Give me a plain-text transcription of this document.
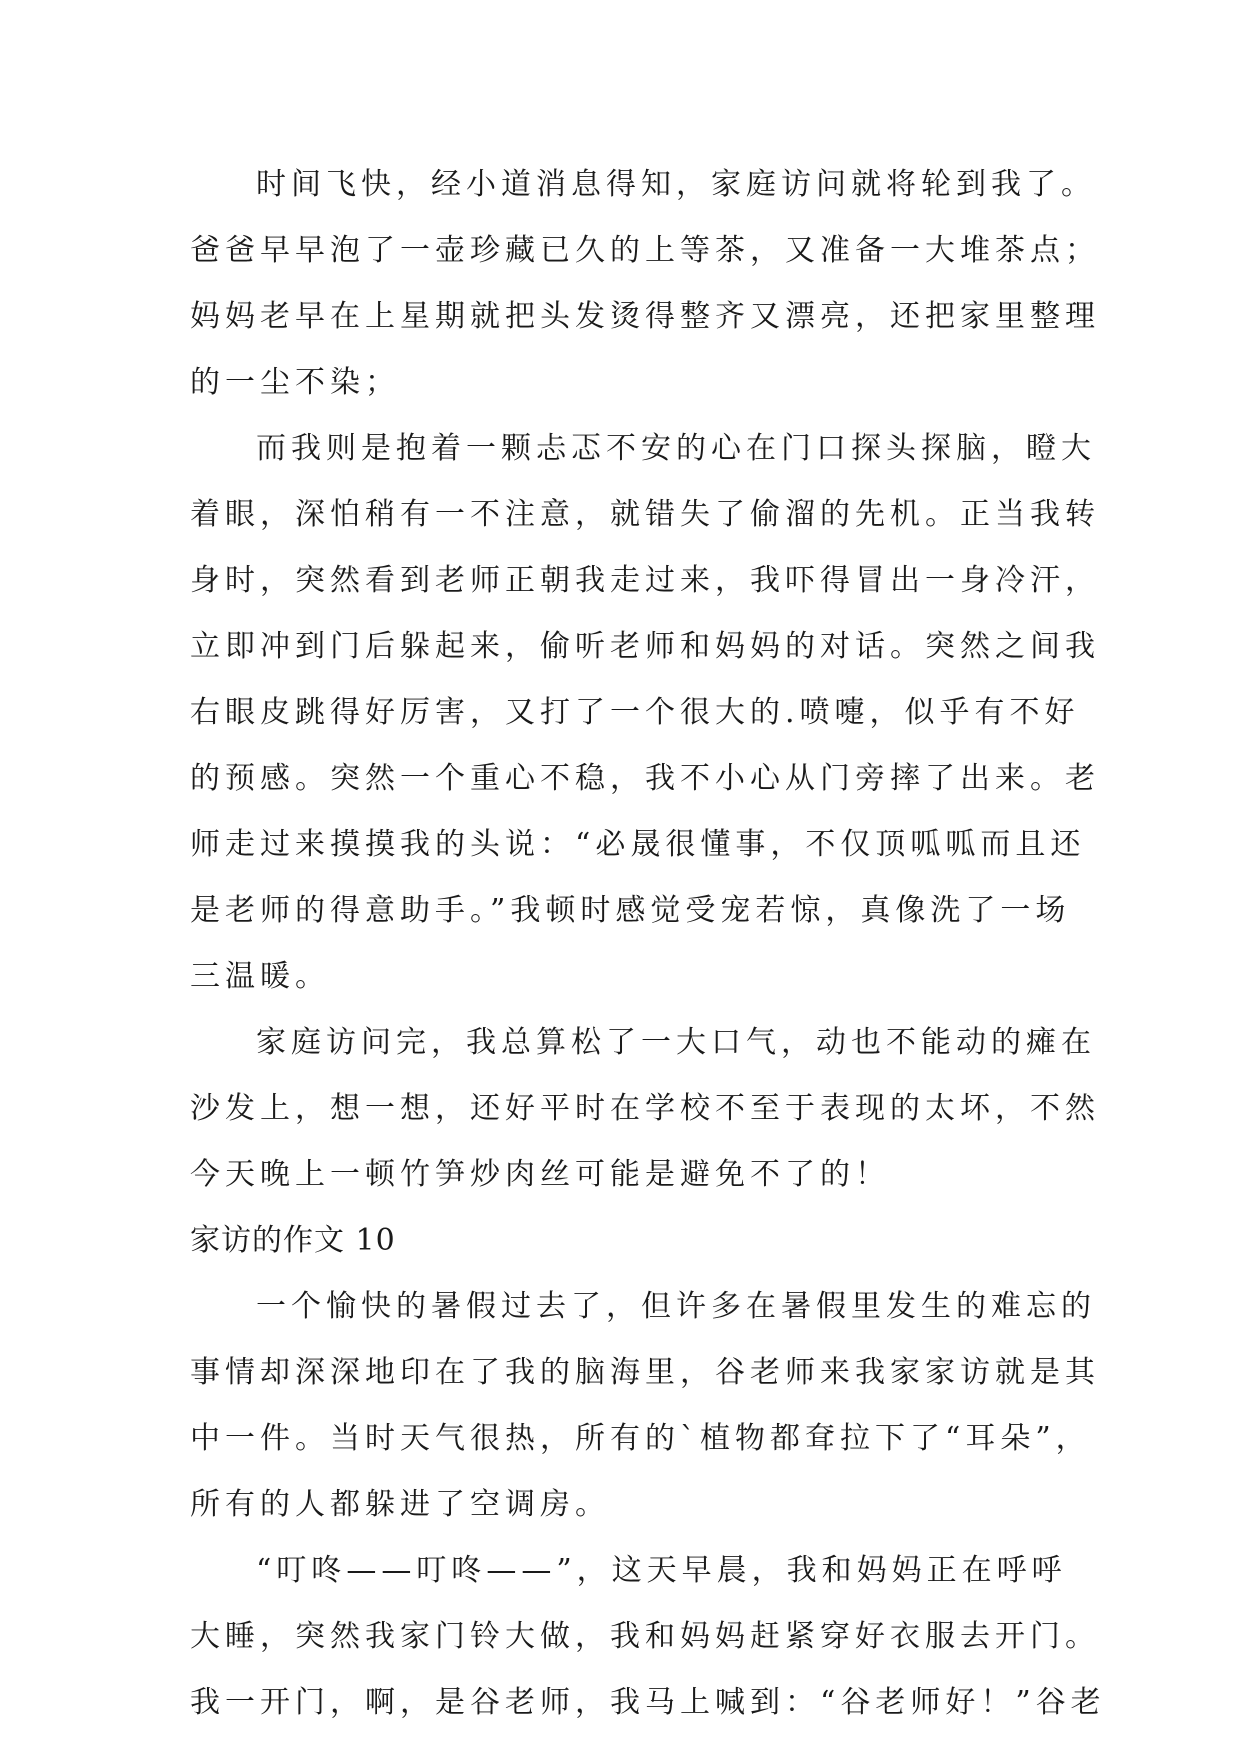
时间飞快，经小道消息得知，家庭访问就将轮到我了。
爸爸早早泡了一壶珍藏已久的上等茶，又准备一大堆茶点；
妈妈老早在上星期就把头发烫得整齐又漂亮，还把家里整理
的一尘不染；
而我则是抱着一颗忐忑不安的心在门口探头探脑，瞪大
着眼，深怕稍有一不注意，就错失了偷溜的先机。正当我转
身时，突然看到老师正朝我走过来，我吓得冒出一身冷汗，
立即冲到门后躲起来，偷听老师和妈妈的对话。突然之间我
右眼皮跳得好厉害，又打了一个很大的.喷嚏，似乎有不好
的预感。突然一个重心不稳，我不小心从门旁摔了出来。老
师走过来摸摸我的头说：“必晟很懂事，不仅顶呱呱而且还
是老师的得意助手。”我顿时感觉受宠若惊，真像洗了一场
三温暖。
家庭访问完，我总算松了一大口气，动也不能动的瘫在
沙发上，想一想，还好平时在学校不至于表现的太坏，不然
今天晚上一顿竹笋炒肉丝可能是避免不了的！
家访的作文 10
一个愉快的暑假过去了，但许多在暑假里发生的难忘的
事情却深深地印在了我的脑海里，谷老师来我家家访就是其
中一件。当时天气很热，所有的`植物都耷拉下了“耳朵”，
所有的人都躲进了空调房。
“叮咚——叮咚——”，这天早晨，我和妈妈正在呼呼
大睡，突然我家门铃大做，我和妈妈赶紧穿好衣服去开门。
我一开门，啊，是谷老师，我马上喊到：“谷老师好！”谷老
